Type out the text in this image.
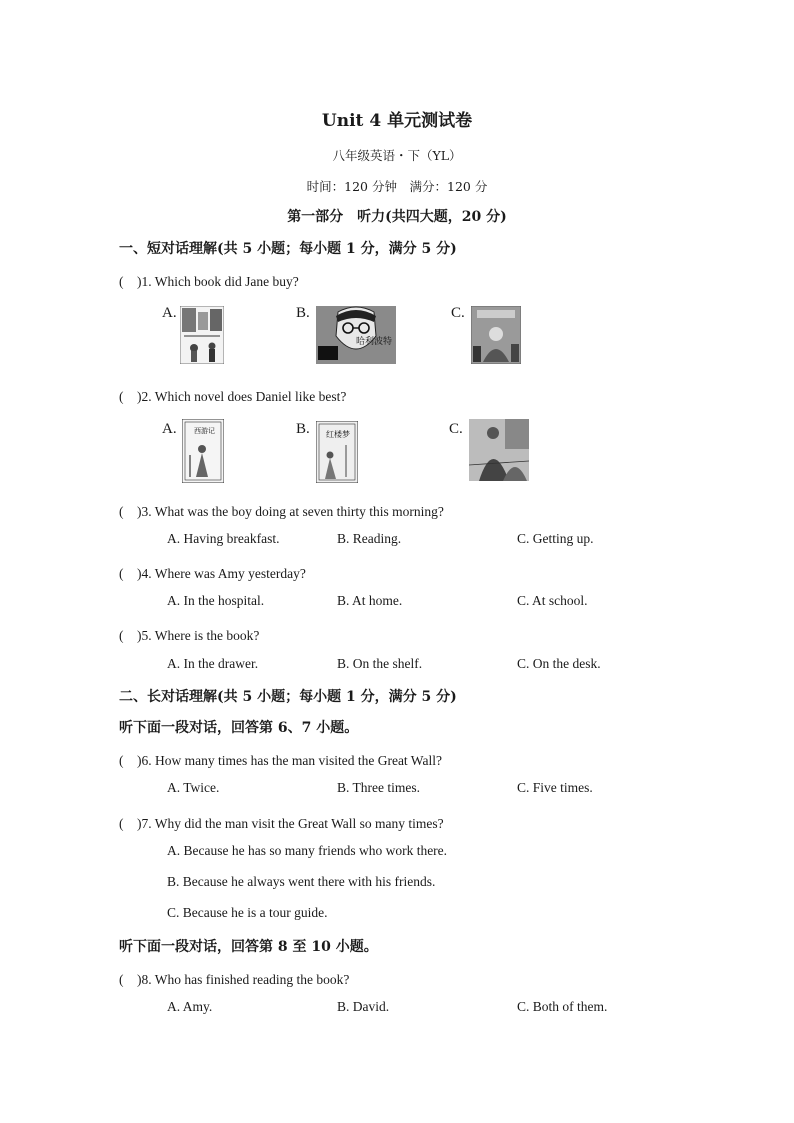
Unit 4 单元测试卷
八年级英语・下（YL）
时间：120 分钟　满分：120 分
第一部分　听力(共四大题，20 分)
一、短对话理解(共 5 小题；每小题 1 分，满分 5 分)
(　)1. Which book did Jane buy?
A.	B.	C.
哈利波特
(　)2. Which novel does Daniel like best?
A.	B.	C.
西游记	红楼梦
(　)3. What was the boy doing at seven thirty this morning?
A. Having breakfast.	B. Reading.	C. Getting up.
(　)4. Where was Amy yesterday?
A. In the hospital.	B. At home.	C. At school.
(　)5. Where is the book?
A. In the drawer.	B. On the shelf.	C. On the desk.
二、长对话理解(共 5 小题；每小题 1 分，满分 5 分)
听下面一段对话，回答第 6、7 小题。
(　)6. How many times has the man visited the Great Wall?
A. Twice.	B. Three times.	C. Five times.
(　)7. Why did the man visit the Great Wall so many times?
A. Because he has so many friends who work there.
B. Because he always went there with his friends.
C. Because he is a tour guide.
听下面一段对话，回答第 8 至 10 小题。
(　)8. Who has finished reading the book?
A. Amy.	B. David.	C. Both of them.
